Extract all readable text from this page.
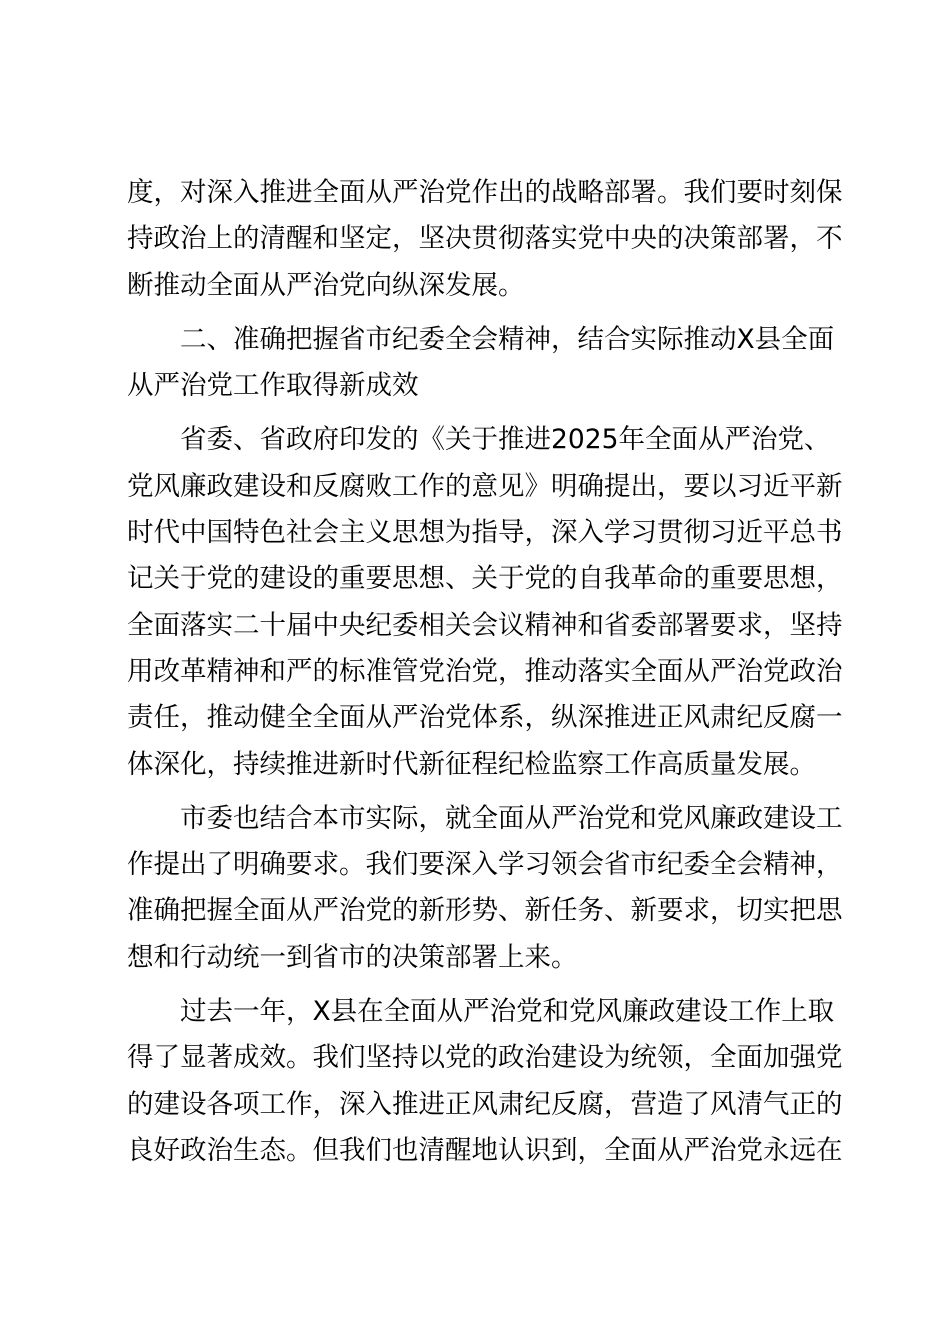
度，对深入推进全面从严治党作出的战略部署。我们要时刻保
持政治上的清醒和坚定，坚决贯彻落实党中央的决策部署，不
断推动全面从严治党向纵深发展。
二、准确把握省市纪委全会精神，结合实际推动X县全面
从严治党工作取得新成效
省委、省政府印发的《关于推进2025年全面从严治党、
党风廉政建设和反腐败工作的意见》明确提出，要以习近平新
时代中国特色社会主义思想为指导，深入学习贯彻习近平总书
记关于党的建设的重要思想、关于党的自我革命的重要思想，
全面落实二十届中央纪委相关会议精神和省委部署要求，坚持
用改革精神和严的标准管党治党，推动落实全面从严治党政治
责任，推动健全全面从严治党体系，纵深推进正风肃纪反腐一
体深化，持续推进新时代新征程纪检监察工作高质量发展。
市委也结合本市实际，就全面从严治党和党风廉政建设工
作提出了明确要求。我们要深入学习领会省市纪委全会精神，
准确把握全面从严治党的新形势、新任务、新要求，切实把思
想和行动统一到省市的决策部署上来。
过去一年，X县在全面从严治党和党风廉政建设工作上取
得了显著成效。我们坚持以党的政治建设为统领，全面加强党
的建设各项工作，深入推进正风肃纪反腐，营造了风清气正的
良好政治生态。但我们也清醒地认识到，全面从严治党永远在
